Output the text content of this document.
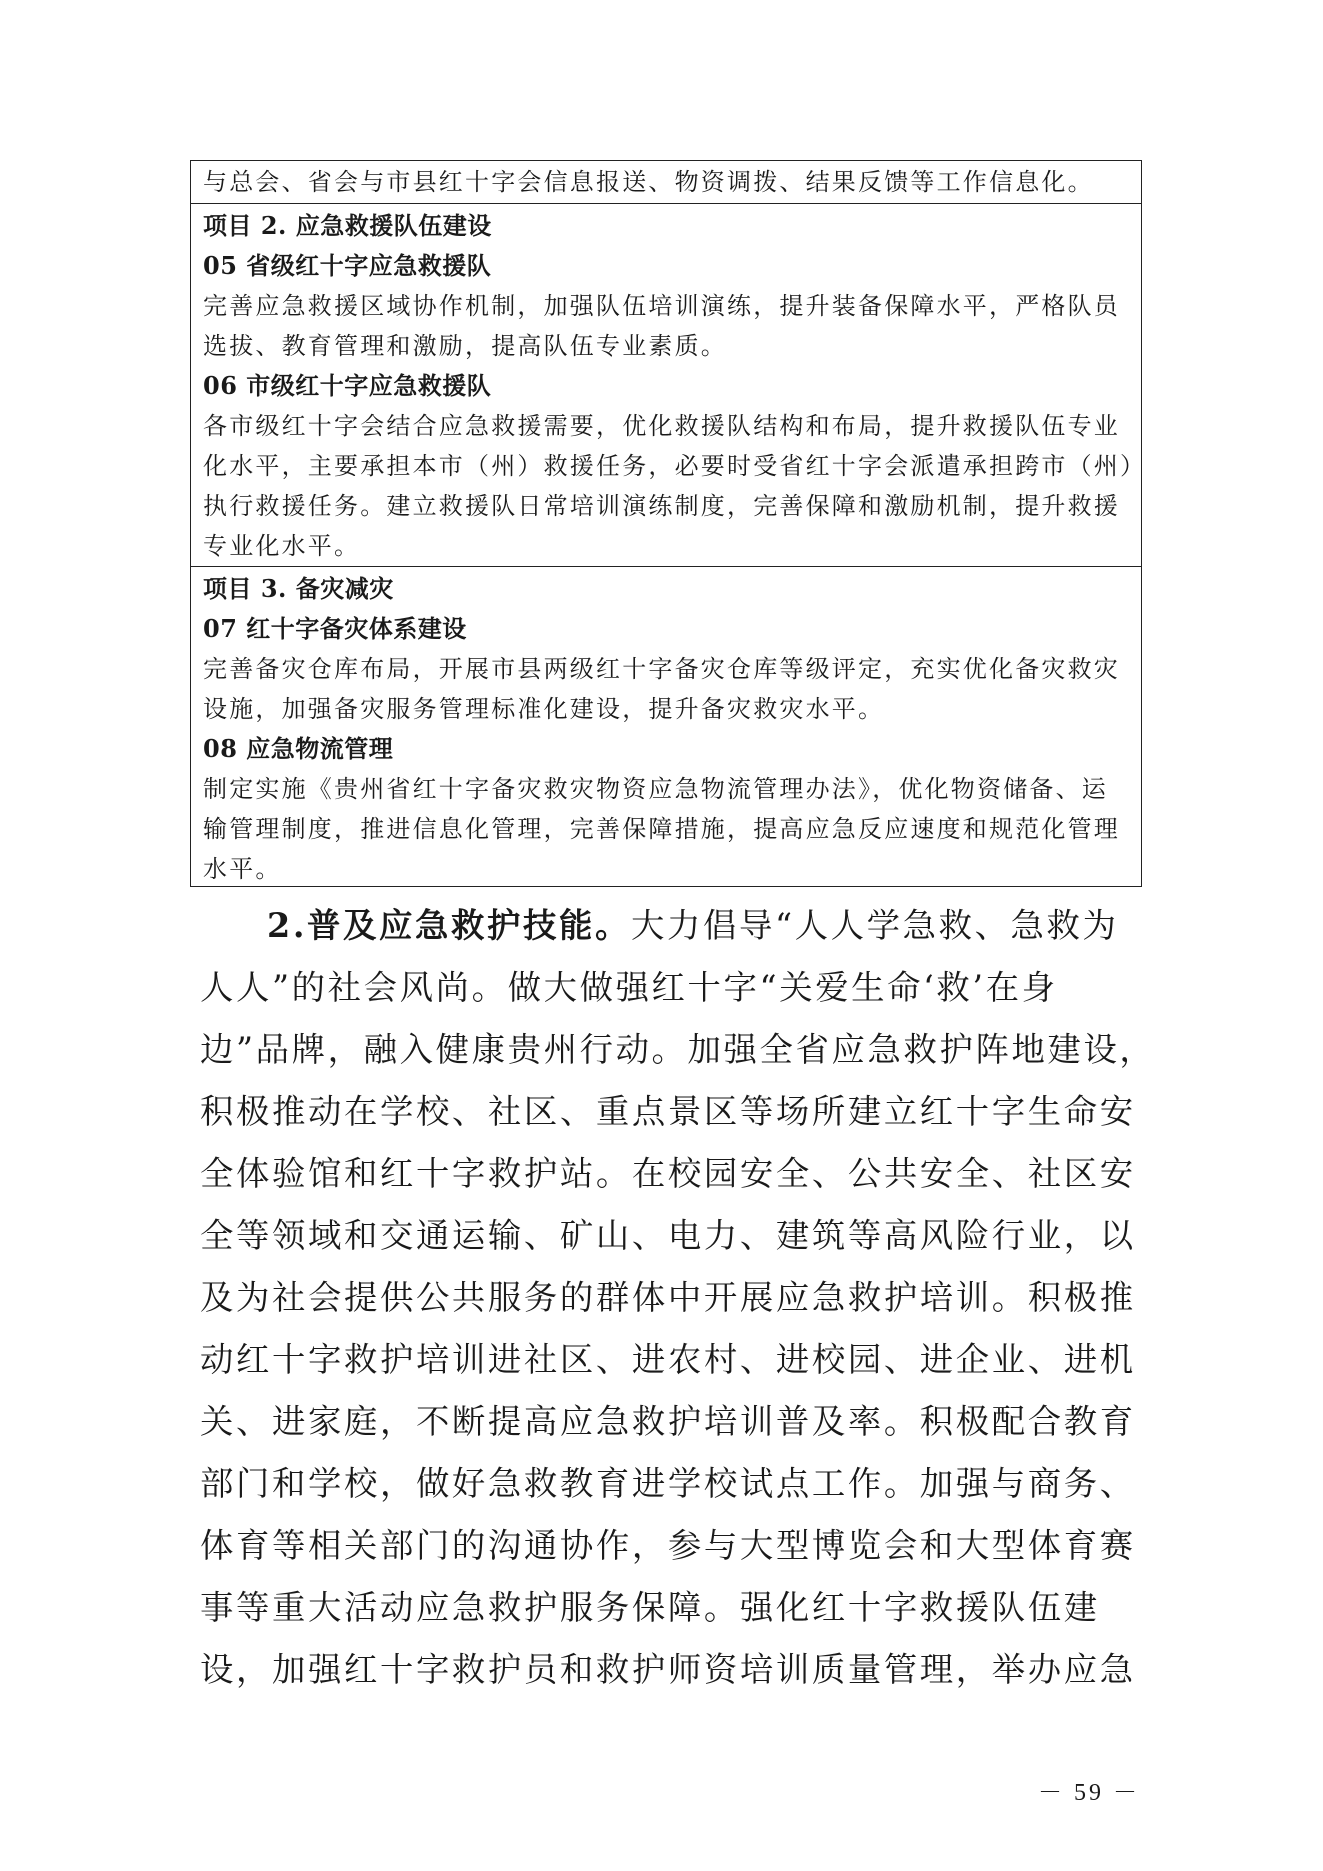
与总会、省会与市县红十字会信息报送、物资调拨、结果反馈等工作信息化。

项目 2. 应急救援队伍建设
05 省级红十字应急救援队

完善应急救援区域协作机制，加强队伍培训演练，提升装备保障水平，严格队员

选拔、教育管理和激励，提高队伍专业素质。

06 市级红十字应急救援队

各市级红十字会结合应急救援需要，优化救援队结构和布局，提升救援队伍专业

化水平，主要承担本市（州）救援任务，必要时受省红十字会派遣承担跨市（州）

执行救援任务。建立救援队日常培训演练制度，完善保障和激励机制，提升救援

专业化水平。

项目 3. 备灾减灾
07 红十字备灾体系建设

完善备灾仓库布局，开展市县两级红十字备灾仓库等级评定，充实优化备灾救灾

设施，加强备灾服务管理标准化建设，提升备灾救灾水平。

08 应急物流管理

制定实施《贵州省红十字备灾救灾物资应急物流管理办法》，优化物资储备、运

输管理制度，推进信息化管理，完善保障措施，提高应急反应速度和规范化管理

水平。

2.普及应急救护技能。大力倡导“人人学急救、急救为
人人”的社会风尚。做大做强红十字“关爱生命‘救’在身
边”品牌，融入健康贵州行动。加强全省应急救护阵地建设，
积极推动在学校、社区、重点景区等场所建立红十字生命安
全体验馆和红十字救护站。在校园安全、公共安全、社区安
全等领域和交通运输、矿山、电力、建筑等高风险行业，以
及为社会提供公共服务的群体中开展应急救护培训。积极推
动红十字救护培训进社区、进农村、进校园、进企业、进机
关、进家庭，不断提高应急救护培训普及率。积极配合教育
部门和学校，做好急救教育进学校试点工作。加强与商务、
体育等相关部门的沟通协作，参与大型博览会和大型体育赛
事等重大活动应急救护服务保障。强化红十字救援队伍建
设，加强红十字救护员和救护师资培训质量管理，举办应急
－ 59 －
